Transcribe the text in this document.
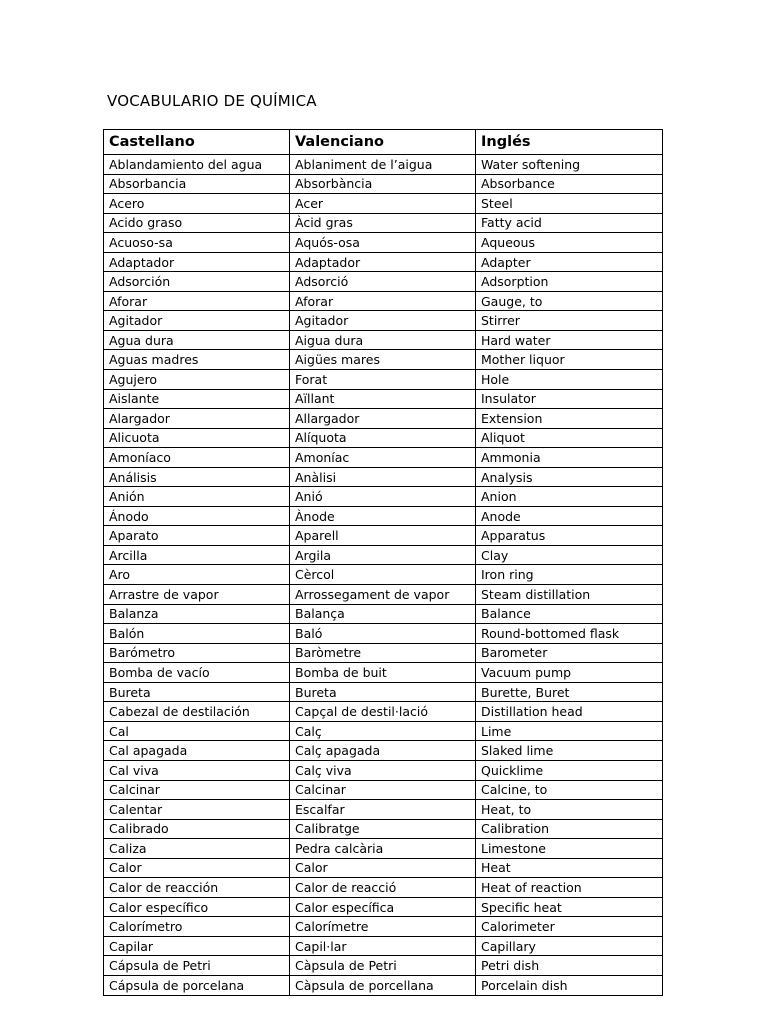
VOCABULARIO DE QUÍMICA
Castellano	Valenciano	Inglés
Ablandamiento del agua	Ablaniment de l’aigua	Water softening
Absorbancia	Absorbància	Absorbance
Acero	Acer	Steel
Acido graso	Àcid gras	Fatty acid
Acuoso-sa	Aquós-osa	Aqueous
Adaptador	Adaptador	Adapter
Adsorción	Adsorció	Adsorption
Aforar	Aforar	Gauge, to
Agitador	Agitador	Stirrer
Agua dura	Aigua dura	Hard water
Aguas madres	Aigües mares	Mother liquor
Agujero	Forat	Hole
Aislante	Aïllant	Insulator
Alargador	Allargador	Extension
Alicuota	Alíquota	Aliquot
Amoníaco	Amoníac	Ammonia
Análisis	Anàlisi	Analysis
Anión	Anió	Anion
Ánodo	Ànode	Anode
Aparato	Aparell	Apparatus
Arcilla	Argila	Clay
Aro	Cèrcol	Iron ring
Arrastre de vapor	Arrossegament de vapor	Steam distillation
Balanza	Balança	Balance
Balón	Baló	Round-bottomed flask
Barómetro	Baròmetre	Barometer
Bomba de vacío	Bomba de buit	Vacuum pump
Bureta	Bureta	Burette, Buret
Cabezal de destilación	Capçal de destil·lació	Distillation head
Cal	Calç	Lime
Cal apagada	Calç apagada	Slaked lime
Cal viva	Calç viva	Quicklime
Calcinar	Calcinar	Calcine, to
Calentar	Escalfar	Heat, to
Calibrado	Calibratge	Calibration
Caliza	Pedra calcària	Limestone
Calor	Calor	Heat
Calor de reacción	Calor de reacció	Heat of reaction
Calor específico	Calor específica	Specific heat
Calorímetro	Calorímetre	Calorimeter
Capilar	Capil·lar	Capillary
Cápsula de Petri	Càpsula de Petri	Petri dish
Cápsula de porcelana	Càpsula de porcellana	Porcelain dish
